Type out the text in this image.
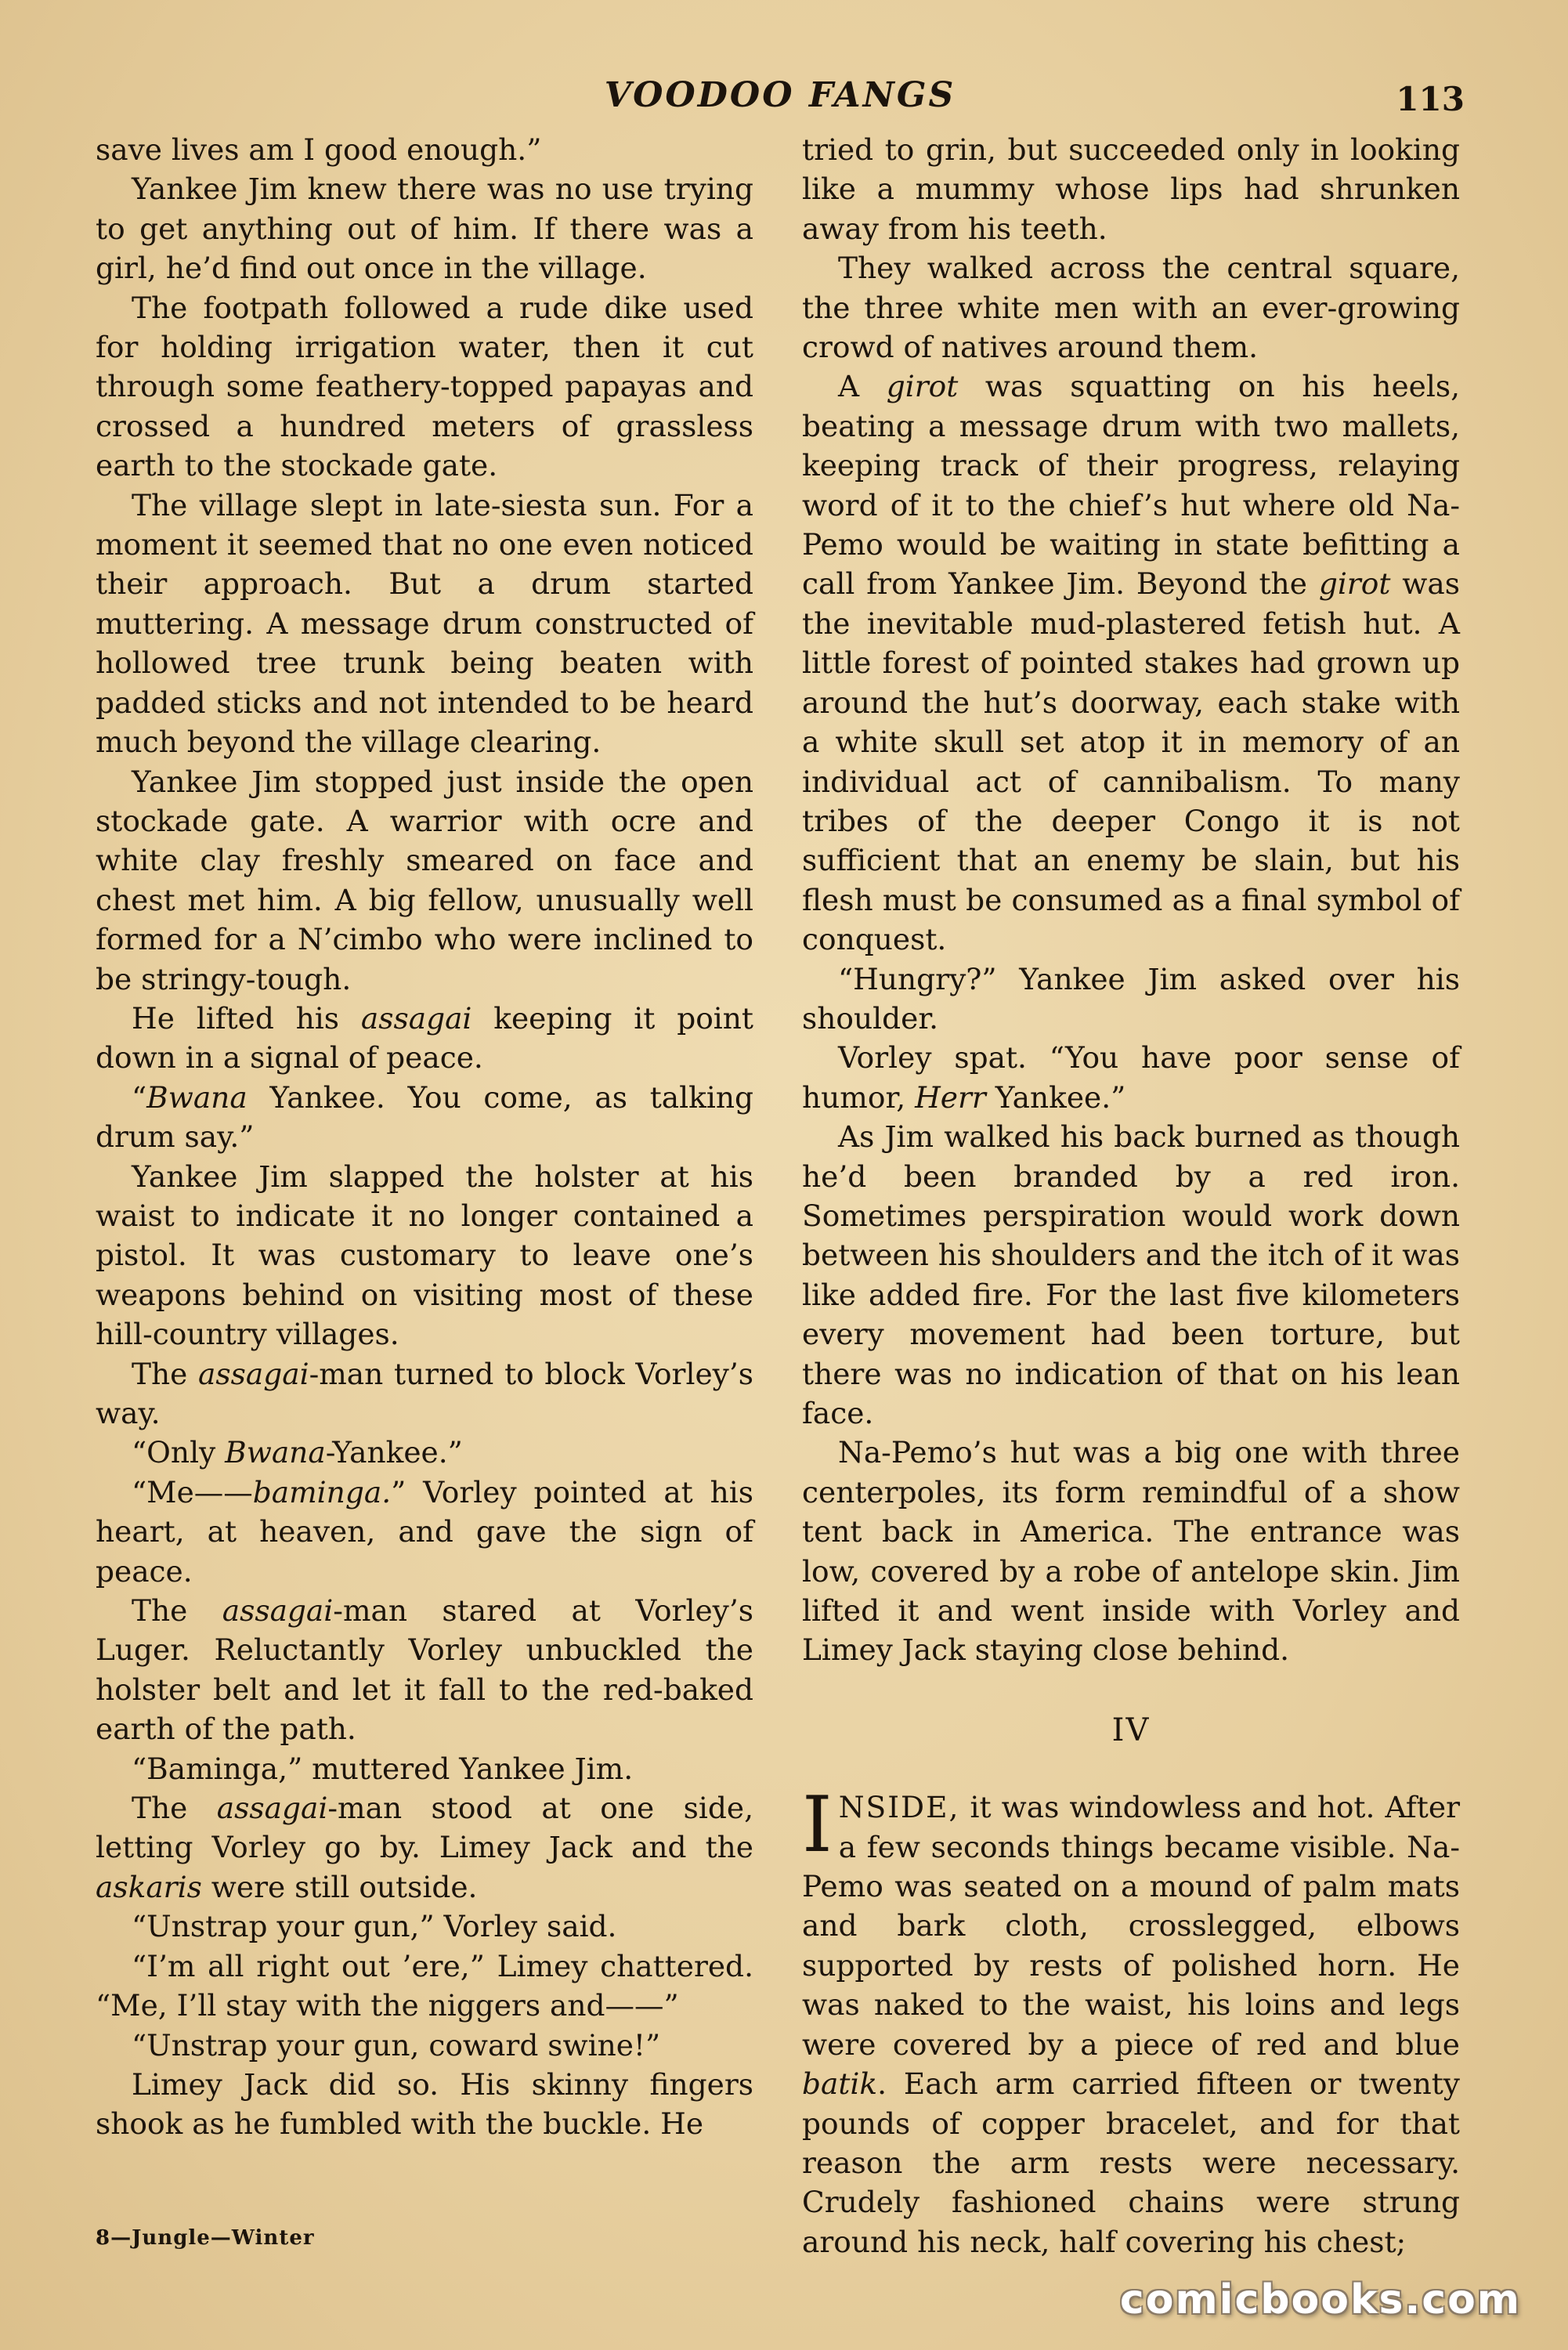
VOODOO FANGS	113

save lives am I good enough.”

Yankee Jim knew there was no use trying to get anything out of him. If there was a girl, he’d find out once in the village.

The footpath followed a rude dike used for holding irrigation water, then it cut through some feathery-topped papayas and crossed a hundred meters of grassless earth to the stockade gate.

The village slept in late-siesta sun. For a moment it seemed that no one even noticed their approach. But a drum started muttering. A message drum constructed of hollowed tree trunk being beaten with padded sticks and not intended to be heard much beyond the village clearing.

Yankee Jim stopped just inside the open stockade gate. A warrior with ocre and white clay freshly smeared on face and chest met him. A big fellow, unusually well formed for a N’cimbo who were inclined to be stringy-tough.

He lifted his assagai keeping it point down in a signal of peace.

“Bwana Yankee. You come, as talking drum say.”

Yankee Jim slapped the holster at his waist to indicate it no longer contained a pistol. It was customary to leave one’s weapons behind on visiting most of these hill-country villages.

The assagai-man turned to block Vorley’s way.

“Only Bwana-Yankee.”

“Me——baminga.” Vorley pointed at his heart, at heaven, and gave the sign of peace.

The assagai-man stared at Vorley’s Luger. Reluctantly Vorley unbuckled the holster belt and let it fall to the red-baked earth of the path.

“Baminga,” muttered Yankee Jim.

The assagai-man stood at one side, letting Vorley go by. Limey Jack and the askaris were still outside.

“Unstrap your gun,” Vorley said.

“I’m all right out ’ere,” Limey chattered. “Me, I’ll stay with the niggers and——”

“Unstrap your gun, coward swine!”

Limey Jack did so. His skinny fingers shook as he fumbled with the buckle. He

tried to grin, but succeeded only in looking like a mummy whose lips had shrunken away from his teeth.

They walked across the central square, the three white men with an ever-growing crowd of natives around them.

A girot was squatting on his heels, beating a message drum with two mallets, keeping track of their progress, relaying word of it to the chief’s hut where old Na-Pemo would be waiting in state befitting a call from Yankee Jim. Beyond the girot was the inevitable mud-plastered fetish hut. A little forest of pointed stakes had grown up around the hut’s doorway, each stake with a white skull set atop it in memory of an individual act of cannibalism. To many tribes of the deeper Congo it is not sufficient that an enemy be slain, but his flesh must be consumed as a final symbol of conquest.

“Hungry?” Yankee Jim asked over his shoulder.

Vorley spat. “You have poor sense of humor, Herr Yankee.”

As Jim walked his back burned as though he’d been branded by a red iron. Sometimes perspiration would work down between his shoulders and the itch of it was like added fire. For the last five kilometers every movement had been torture, but there was no indication of that on his lean face.

Na-Pemo’s hut was a big one with three centerpoles, its form remindful of a show tent back in America. The entrance was low, covered by a robe of antelope skin. Jim lifted it and went inside with Vorley and Limey Jack staying close behind.

IV

INSIDE, it was windowless and hot. After a few seconds things became visible. Na-Pemo was seated on a mound of palm mats and bark cloth, crosslegged, elbows supported by rests of polished horn. He was naked to the waist, his loins and legs were covered by a piece of red and blue batik. Each arm carried fifteen or twenty pounds of copper bracelet, and for that reason the arm rests were necessary. Crudely fashioned chains were strung around his neck, half covering his chest;

8—Jungle—Winter
comicbooks.com
